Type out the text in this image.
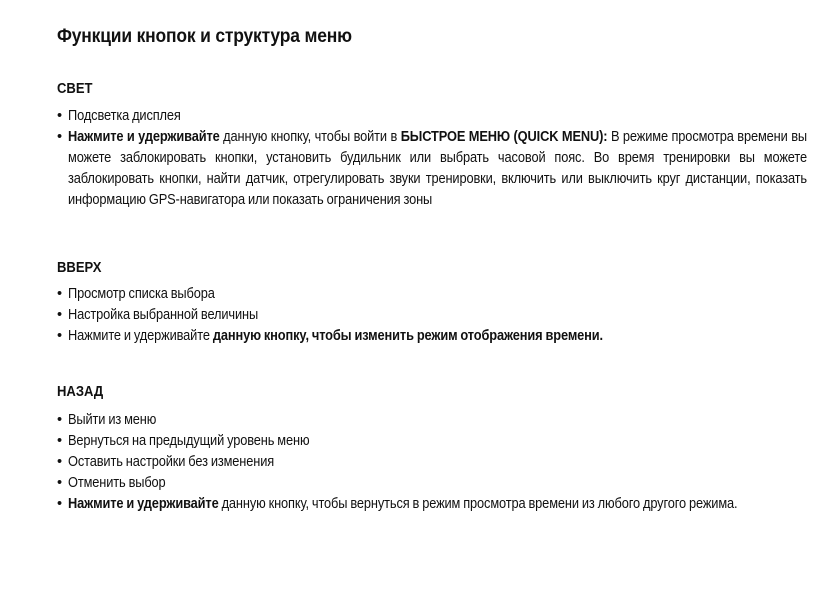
Функции кнопок и структура меню
СВЕТ
• Подсветка дисплея
• Нажмите и удерживайте данную кнопку, чтобы войти в БЫСТРОЕ МЕНЮ (QUICK MENU): В режиме просмотра времени вы можете заблокировать кнопки, установить будильник или выбрать часовой пояс. Во время тренировки вы можете заблокировать кнопки, найти датчик, отрегулировать звуки тренировки, включить или выключить круг дистанции, показать информацию GPS-навигатора или показать ограничения зоны
ВВЕРХ
• Просмотр списка выбора
• Настройка выбранной величины
• Нажмите и удерживайте данную кнопку, чтобы изменить режим отображения времени.
НАЗАД
• Выйти из меню
• Вернуться на предыдущий уровень меню
• Оставить настройки без изменения
• Отменить выбор
• Нажмите и удерживайте данную кнопку, чтобы вернуться в режим просмотра времени из любого другого режима.
